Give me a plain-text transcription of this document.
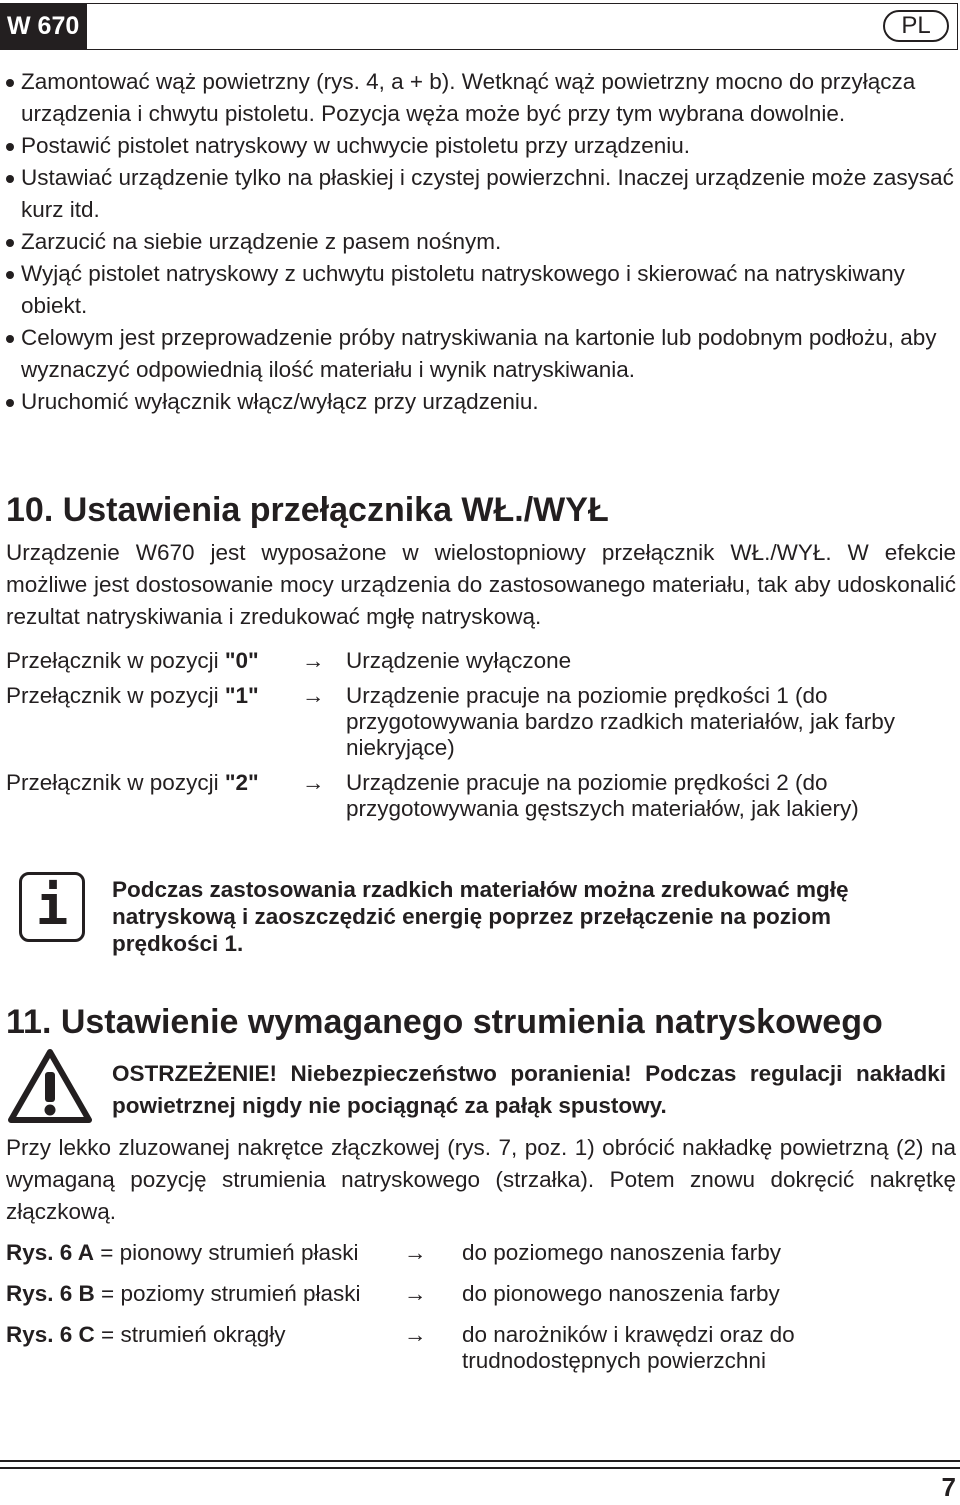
W 670	PL
Zamontować wąż powietrzny (rys. 4, a + b). Wetknąć wąż powietrzny mocno do przyłącza urządzenia i chwytu pistoletu. Pozycja węża może być przy tym wybrana dowolnie.
Postawić pistolet natryskowy w uchwycie pistoletu przy urządzeniu.
Ustawiać urządzenie tylko na płaskiej i czystej powierzchni. Inaczej urządzenie może zasysać kurz itd.
Zarzucić na siebie urządzenie z pasem nośnym.
Wyjąć pistolet natryskowy z uchwytu pistoletu natryskowego i skierować na natryskiwany obiekt.
Celowym jest przeprowadzenie próby natryskiwania na kartonie lub podobnym podłożu, aby wyznaczyć odpowiednią ilość materiału i wynik natryskiwania.
Uruchomić wyłącznik włącz/wyłącz przy urządzeniu.
10. Ustawienia przełącznika WŁ./WYŁ

Urządzenie W670 jest wyposażone w wielostopniowy przełącznik WŁ./WYŁ. W efekcie możliwe jest dostosowanie mocy urządzenia do zastosowanego materiału, tak aby udoskonalić rezultat natryskiwania i zredukować mgłę natryskową.

Przełącznik w pozycji "0" → Urządzenie wyłączone
Przełącznik w pozycji "1" → Urządzenie pracuje na poziomie prędkości 1 (do przygotowywania bardzo rzadkich materiałów, jak farby niekryjące)
Przełącznik w pozycji "2" → Urządzenie pracuje na poziomie prędkości 2 (do przygotowywania gęstszych materiałów, jak lakiery)
i	Podczas zastosowania rzadkich materiałów można zredukować mgłę natryskową i zaoszczędzić energię poprzez przełączenie na poziom prędkości 1.

11. Ustawienie wymaganego strumienia natryskowego

OSTRZEŻENIE! Niebezpieczeństwo poranienia! Podczas regulacji nakładki powietrznej nigdy nie pociągnąć za pałąk spustowy.

Przy lekko zluzowanej nakrętce złączkowej (rys. 7, poz. 1) obrócić nakładkę powietrzną (2) na wymaganą pozycję strumienia natryskowego (strzałka). Potem znowu dokręcić nakrętkę złączkową.

Rys. 6 A = pionowy strumień płaski → do poziomego nanoszenia farby
Rys. 6 B = poziomy strumień płaski → do pionowego nanoszenia farby
Rys. 6 C = strumień okrągły	→ do narożników i krawędzi oraz do trudnodostępnych powierzchni
7
